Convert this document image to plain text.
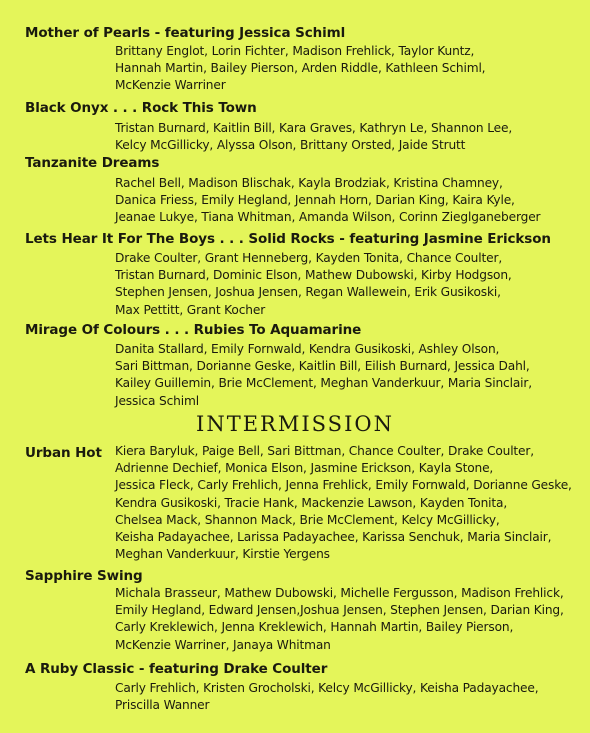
Mother of Pearls - featuring Jessica Schiml
Brittany Englot, Lorin Fichter, Madison Frehlick, Taylor Kuntz,
Hannah Martin, Bailey Pierson, Arden Riddle, Kathleen Schiml,
McKenzie Warriner
Black Onyx . . . Rock This Town
Tristan Burnard, Kaitlin Bill, Kara Graves, Kathryn Le, Shannon Lee,
Kelcy McGillicky, Alyssa Olson, Brittany Orsted, Jaide Strutt
Tanzanite Dreams
Rachel Bell, Madison Blischak, Kayla Brodziak, Kristina Chamney,
Danica Friess, Emily Hegland, Jennah Horn, Darian King, Kaira Kyle,
Jeanae Lukye, Tiana Whitman, Amanda Wilson, Corinn Zieglganeberger
Lets Hear It For The Boys . . . Solid Rocks - featuring Jasmine Erickson
Drake Coulter, Grant Henneberg, Kayden Tonita, Chance Coulter,
Tristan Burnard, Dominic Elson, Mathew Dubowski, Kirby Hodgson,
Stephen Jensen, Joshua Jensen, Regan Wallewein, Erik Gusikoski,
Max Pettitt, Grant Kocher
Mirage Of Colours . . . Rubies To Aquamarine
Danita Stallard, Emily Fornwald, Kendra Gusikoski, Ashley Olson,
Sari Bittman, Dorianne Geske, Kaitlin Bill, Eilish Burnard, Jessica Dahl,
Kailey Guillemin, Brie McClement, Meghan Vanderkuur, Maria Sinclair,
Jessica Schiml
INTERMISSION
Urban Hot Kiera Baryluk, Paige Bell, Sari Bittman, Chance Coulter, Drake Coulter,
Adrienne Dechief, Monica Elson, Jasmine Erickson, Kayla Stone,
Jessica Fleck, Carly Frehlich, Jenna Frehlick, Emily Fornwald, Dorianne Geske,
Kendra Gusikoski, Tracie Hank, Mackenzie Lawson, Kayden Tonita,
Chelsea Mack, Shannon Mack, Brie McClement, Kelcy McGillicky,
Keisha Padayachee, Larissa Padayachee, Karissa Senchuk, Maria Sinclair,
Meghan Vanderkuur, Kirstie Yergens
Sapphire Swing
Michala Brasseur, Mathew Dubowski, Michelle Fergusson, Madison Frehlick,
Emily Hegland, Edward Jensen,Joshua Jensen, Stephen Jensen, Darian King,
Carly Kreklewich, Jenna Kreklewich, Hannah Martin, Bailey Pierson,
McKenzie Warriner, Janaya Whitman
A Ruby Classic - featuring Drake Coulter
Carly Frehlich, Kristen Grocholski, Kelcy McGillicky, Keisha Padayachee,
Priscilla Wanner
